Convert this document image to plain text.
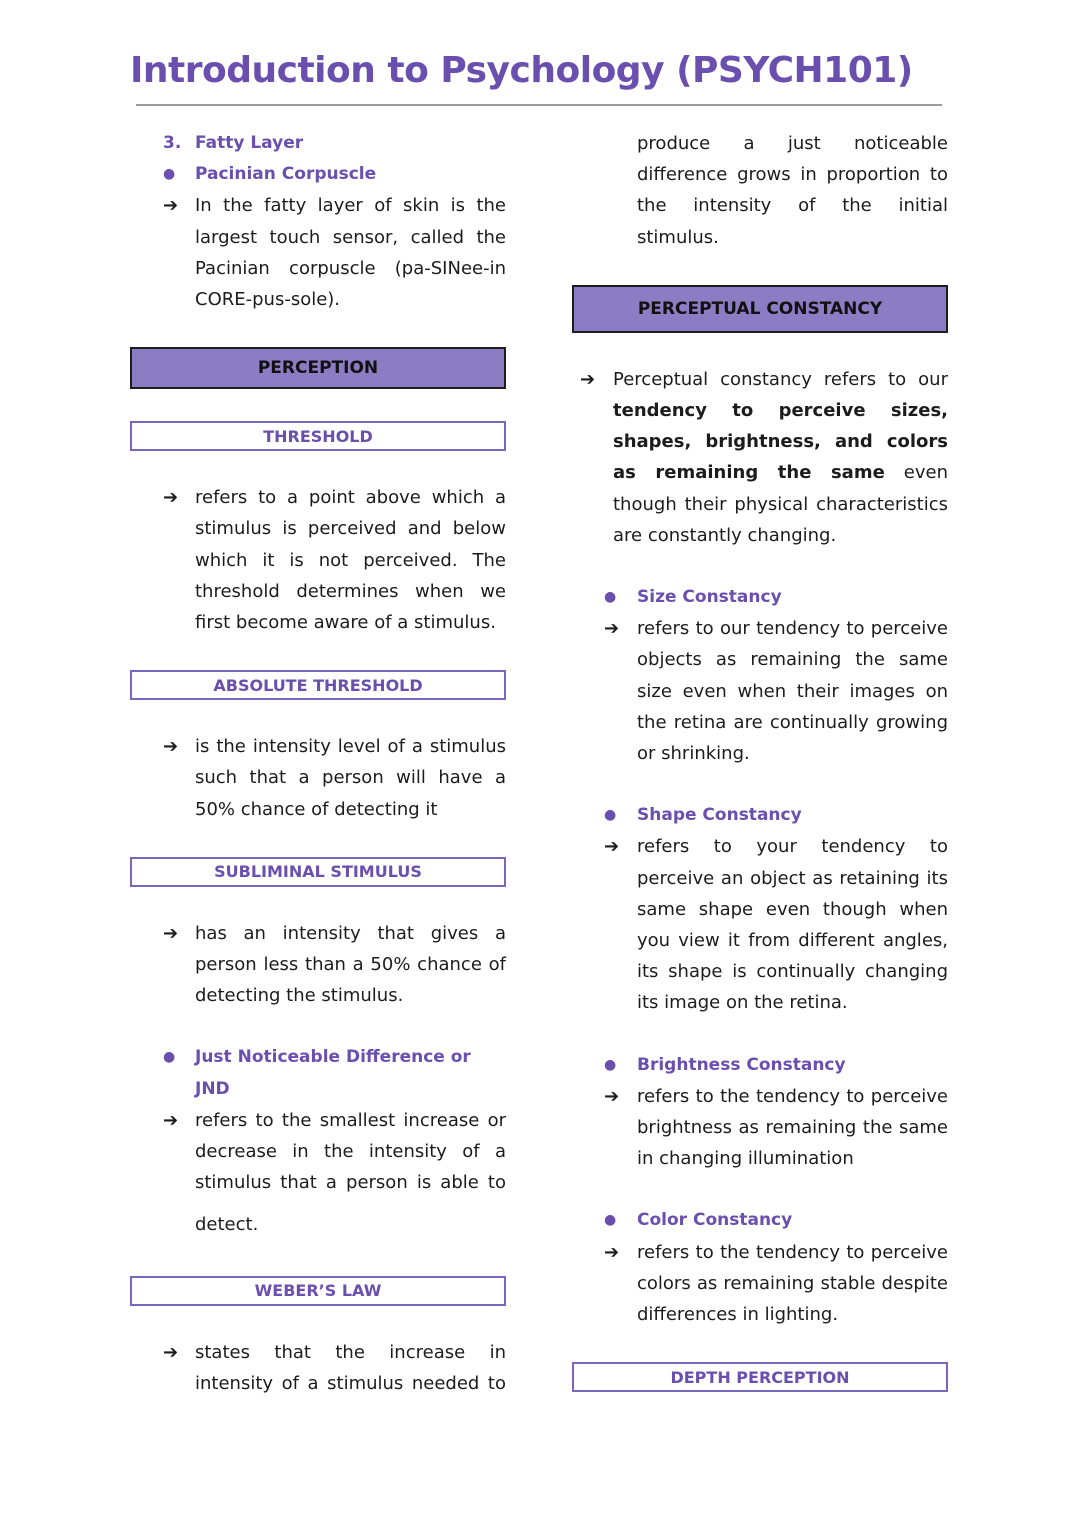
Introduction to Psychology (PSYCH101)
3. Fatty Layer
● Pacinian Corpuscle
➔ In the fatty layer of skin is the largest touch sensor, called the Pacinian corpuscle (pa-SINee-in CORE-pus-sole).
PERCEPTION
THRESHOLD
➔ refers to a point above which a stimulus is perceived and below which it is not perceived. The threshold determines when we first become aware of a stimulus.
ABSOLUTE THRESHOLD
➔ is the intensity level of a stimulus such that a person will have a 50% chance of detecting it
SUBLIMINAL STIMULUS
➔ has an intensity that gives a person less than a 50% chance of detecting the stimulus.
● Just Noticeable Difference or JND
➔ refers to the smallest increase or decrease in the intensity of a stimulus that a person is able to
detect.
WEBER’S LAW
➔ states that the increase in intensity of a stimulus needed to
produce a just noticeable difference grows in proportion to the intensity of the initial stimulus.
PERCEPTUAL CONSTANCY
➔ Perceptual constancy refers to our tendency to perceive sizes, shapes, brightness, and colors as remaining the same even though their physical characteristics are constantly changing.
● Size Constancy
➔ refers to our tendency to perceive objects as remaining the same size even when their images on the retina are continually growing or shrinking.
● Shape Constancy
➔ refers to your tendency to perceive an object as retaining its same shape even though when you view it from different angles, its shape is continually changing its image on the retina.
● Brightness Constancy
➔ refers to the tendency to perceive brightness as remaining the same in changing illumination
● Color Constancy
➔ refers to the tendency to perceive colors as remaining stable despite differences in lighting.
DEPTH PERCEPTION
